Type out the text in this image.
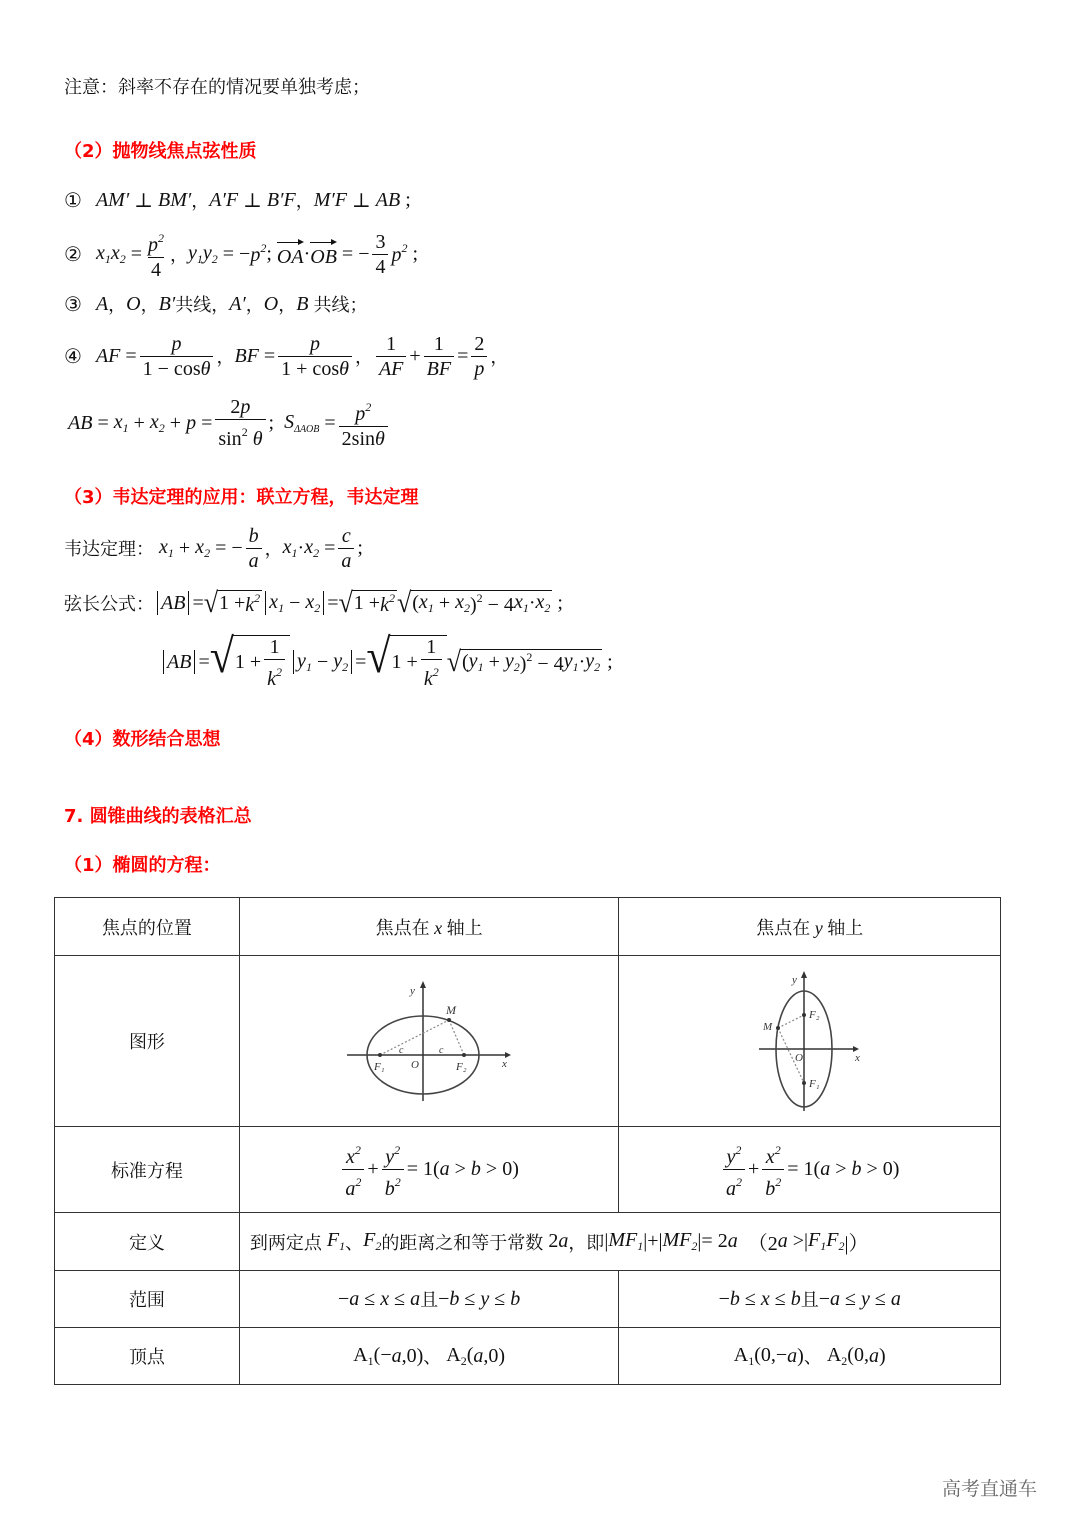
注意：斜率不存在的情况要单独考虑；
（2）抛物线焦点弦性质
① AM′ ⊥ BM′ ， A′F ⊥ B′F ， M′F ⊥ AB ;
② $x_1x_2 = \frac{p^2}{4}$ ， $y_1y_2$ = − $p^2$ ; OA · OB = − $\frac{3}{4} p^2$ ;
③ A ， O ， B′ 共线 ， A′ ， O ， B 共线 ；
④ AF = $\frac{p}{1 - \cos\theta}$ ， BF = $\frac{p}{1 + \cos\theta}$ ， $\frac{1}{AF} + \frac{1}{BF} = \frac{2}{p}$ ，
AB = $x_1 + x_2 + p = \frac{2p}{\sin^2 \theta}$ ; $S_{\Delta AOB} = \frac{p^2}{2\sin\theta}$
（3）韦达定理的应用：联立方程，韦达定理
韦达定理： $x_1 + x_2$ = − $\frac{b}{a}$ ， $x_1 \cdot x_2 = \frac{c}{a}$ ;
弦长公式： AB = √ $1 + k^2$ $x_1 - x_2$ = √ $1 + k^2$ √ ( $x_1 + x_2$ )$^2$ − 4 $x_1 \cdot x_2$ ;
AB = √ $1 + \frac{1}{k^2} y_1 - y_2$ = √ $1 + \frac{1}{k^2}$ √ ( $y_1 + y_2$ )$^2$ − 4 $y_1 \cdot y_2$ ;
（4）数形结合思想
7. 圆锥曲线的表格汇总
（1）椭圆的方程：
焦点的位置	焦点在 x 轴上	焦点在 y 轴上
图形	
y
M
c	c
F₁ O	F₂	x

y
F₂
M
O
F₁
x

标准方程	$\frac{x^2}{a^2} + \frac{y^2}{b^2} = 1$( a > b > 0)	$\frac{y^2}{a^2} + \frac{x^2}{b^2} = 1$( a > b > 0)

定义	到两定点 $F_1$ 、 $F_2$ 的距离之和等于常数 2 a ，即 | $MF_1$ |+| $MF_2$ |= 2 a （2 a >| $F_1F_2$ |）

范围	− a ≤ x ≤ a 且 − b ≤ y ≤ b	− b ≤ x ≤ b 且 − a ≤ y ≤ a

顶点	$A_1(- a$ ,0) 、 $A_2$( a ,0)	$A_1(0,- a$ ) 、 $A_2(0$, a )
高考直通车
